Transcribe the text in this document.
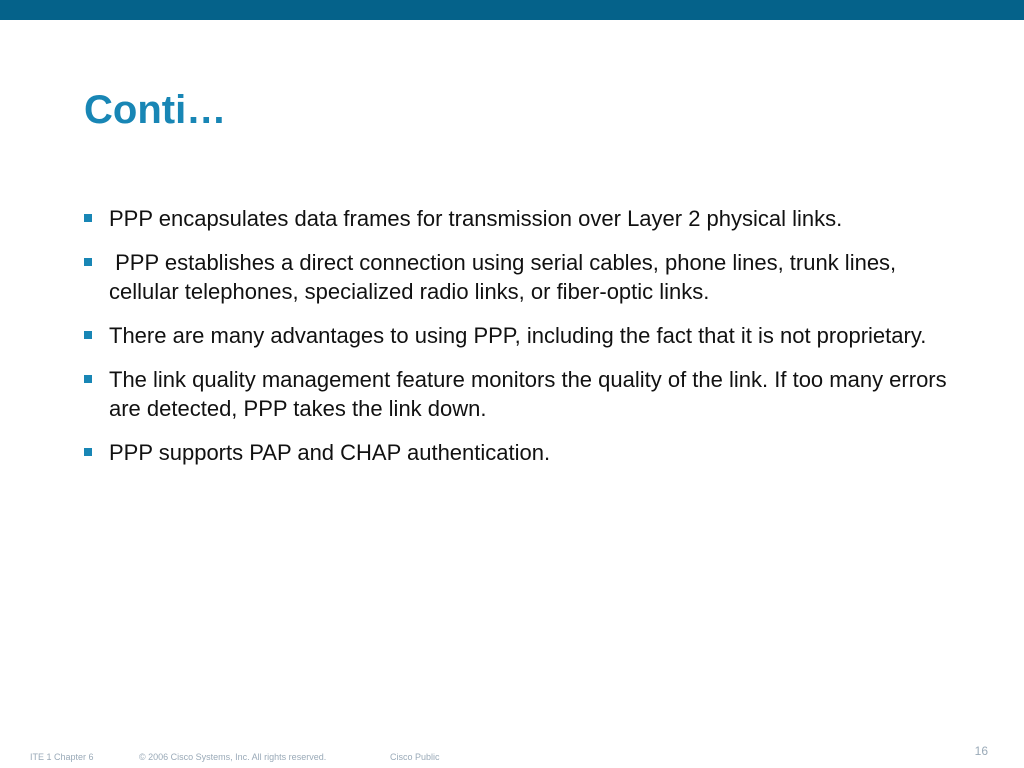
Conti…
PPP encapsulates data frames for transmission over Layer 2 physical links.
PPP establishes a direct connection using serial cables, phone lines, trunk lines, cellular telephones, specialized radio links, or fiber-optic links.
There are many advantages to using PPP, including the fact that it is not proprietary.
The link quality management feature monitors the quality of the link. If too many errors are detected, PPP takes the link down.
PPP supports PAP and CHAP authentication.
ITE 1 Chapter 6	© 2006 Cisco Systems, Inc. All rights reserved.	Cisco Public	16
